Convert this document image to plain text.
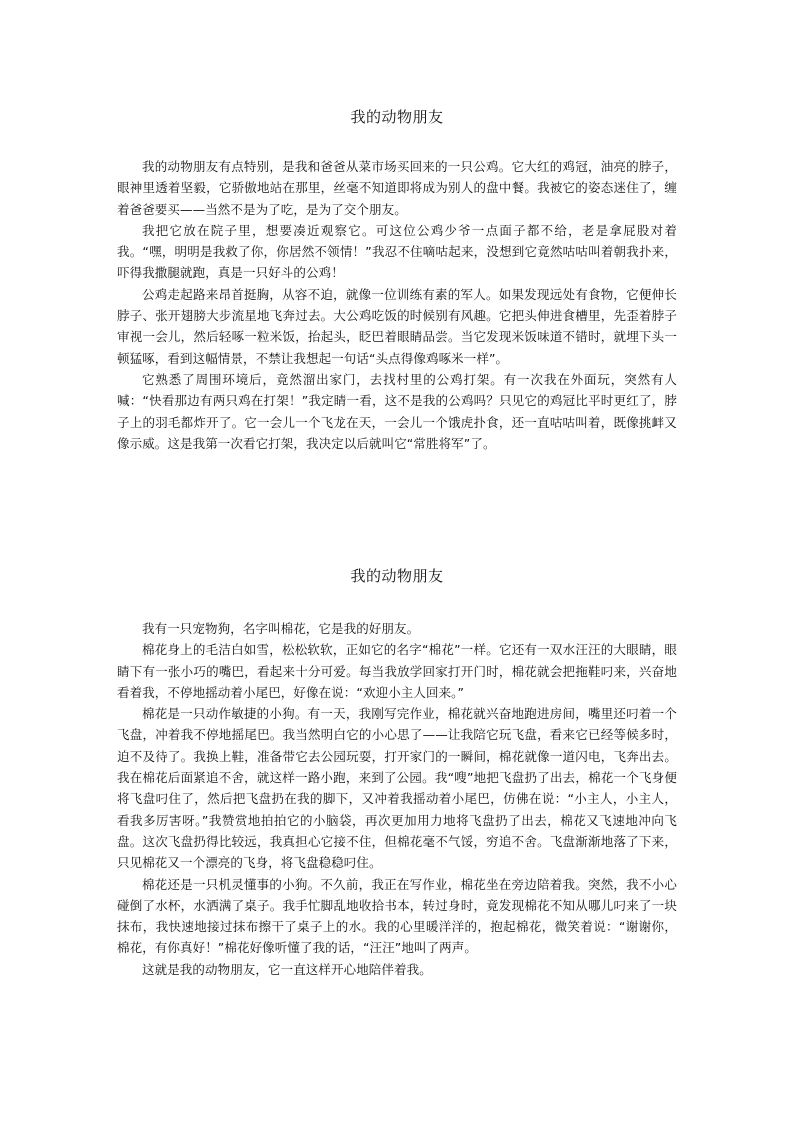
我的动物朋友

我的动物朋友有点特别，是我和爸爸从菜市场买回来的一只公鸡。它大红的鸡冠，油亮的脖子，眼神里透着坚毅，它骄傲地站在那里，丝毫不知道即将成为别人的盘中餐。我被它的姿态迷住了，缠着爸爸要买——当然不是为了吃，是为了交个朋友。

我把它放在院子里，想要凑近观察它。可这位公鸡少爷一点面子都不给，老是拿屁股对着我。“嘿，明明是我救了你，你居然不领情！”我忍不住嘀咕起来，没想到它竟然咕咕叫着朝我扑来，吓得我撒腿就跑，真是一只好斗的公鸡！

公鸡走起路来昂首挺胸，从容不迫，就像一位训练有素的军人。如果发现远处有食物，它便伸长脖子、张开翅膀大步流星地飞奔过去。大公鸡吃饭的时候别有风趣。它把头伸进食槽里，先歪着脖子审视一会儿，然后轻啄一粒米饭，抬起头，眨巴着眼睛品尝。当它发现米饭味道不错时，就埋下头一顿猛啄，看到这幅情景，不禁让我想起一句话“头点得像鸡啄米一样”。

它熟悉了周围环境后，竟然溜出家门，去找村里的公鸡打架。有一次我在外面玩，突然有人喊：“快看那边有两只鸡在打架！”我定睛一看，这不是我的公鸡吗？只见它的鸡冠比平时更红了，脖子上的羽毛都炸开了。它一会儿一个飞龙在天，一会儿一个饿虎扑食，还一直咕咕叫着，既像挑衅又像示威。这是我第一次看它打架，我决定以后就叫它“常胜将军”了。

我的动物朋友

我有一只宠物狗，名字叫棉花，它是我的好朋友。

棉花身上的毛洁白如雪，松松软软，正如它的名字“棉花”一样。它还有一双水汪汪的大眼睛，眼睛下有一张小巧的嘴巴，看起来十分可爱。每当我放学回家打开门时，棉花就会把拖鞋叼来，兴奋地看着我，不停地摇动着小尾巴，好像在说：“欢迎小主人回来。”

棉花是一只动作敏捷的小狗。有一天，我刚写完作业，棉花就兴奋地跑进房间，嘴里还叼着一个飞盘，冲着我不停地摇尾巴。我当然明白它的小心思了——让我陪它玩飞盘，看来它已经等候多时，迫不及待了。我换上鞋，准备带它去公园玩耍，打开家门的一瞬间，棉花就像一道闪电，飞奔出去。我在棉花后面紧追不舍，就这样一路小跑，来到了公园。我“嗖”地把飞盘扔了出去，棉花一个飞身便将飞盘叼住了，然后把飞盘扔在我的脚下，又冲着我摇动着小尾巴，仿佛在说：“小主人，小主人，看我多厉害呀。”我赞赏地拍拍它的小脑袋，再次更加用力地将飞盘扔了出去，棉花又飞速地冲向飞盘。这次飞盘扔得比较远，我真担心它接不住，但棉花毫不气馁，穷追不舍。飞盘渐渐地落了下来，只见棉花又一个漂亮的飞身，将飞盘稳稳叼住。

棉花还是一只机灵懂事的小狗。不久前，我正在写作业，棉花坐在旁边陪着我。突然，我不小心碰倒了水杯，水洒满了桌子。我手忙脚乱地收拾书本，转过身时，竟发现棉花不知从哪儿叼来了一块抹布，我快速地接过抹布擦干了桌子上的水。我的心里暖洋洋的，抱起棉花，微笑着说：“谢谢你，棉花，有你真好！”棉花好像听懂了我的话，“汪汪”地叫了两声。

这就是我的动物朋友，它一直这样开心地陪伴着我。
